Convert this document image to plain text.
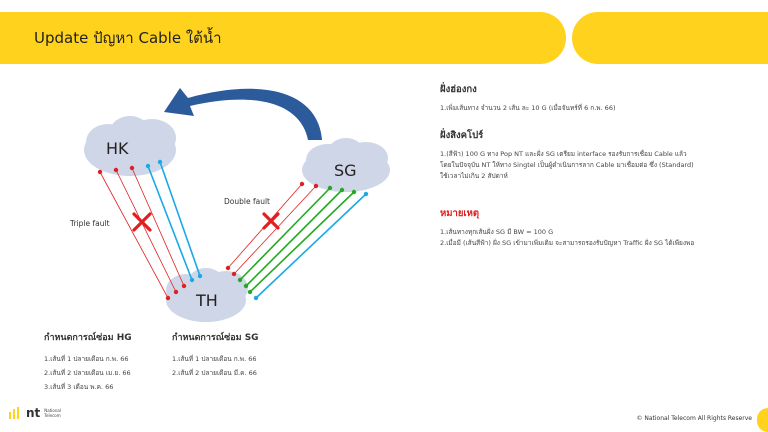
Update ปัญหา Cable ใต้น้ำ
HK
SG
TH
Triple fault
Double fault
ฝั่งฮ่องกง
1.เพิ่มเส้นทาง จำนวน 2 เส้น ละ 10 G (เมื่อจันทร์ที่ 6 ก.พ. 66)
ฝั่งสิงคโปร์
1.(สีฟ้า) 100 G ทาง Pop NT และฝั่ง SG เตรียม interface รองรับการเชื่อม Cable แล้ว
โดยในปัจจุบัน NT ให้ทาง Singtel เป็นผู้ดำเนินการลาก Cable มาเชื่อมต่อ ซึ่ง (Standard)
ใช้เวลาไม่เกิน 2 สัปดาห์
หมายเหตุ
1.เส้นทางทุกเส้นฝั่ง SG มี BW = 100 G
2.เมื่อมี (เส้นสีฟ้า) ฝั่ง SG เข้ามาเพิ่มเติม จะสามารถรองรับปัญหา Traffic ฝั่ง SG ได้เพียงพอ
กำหนดการณ์ซ่อม HG
1.เส้นที่ 1 ปลายเดือน ก.พ. 66
2.เส้นที่ 2 ปลายเดือน เม.ย. 66
3.เส้นที่ 3 เดือน พ.ค. 66
กำหนดการณ์ซ่อม SG
1.เส้นที่ 1 ปลายเดือน ก.พ. 66
2.เส้นที่ 2 ปลายเดือน มี.ค. 66
nt National
Telecom	© National Telecom All Rights Reserve
